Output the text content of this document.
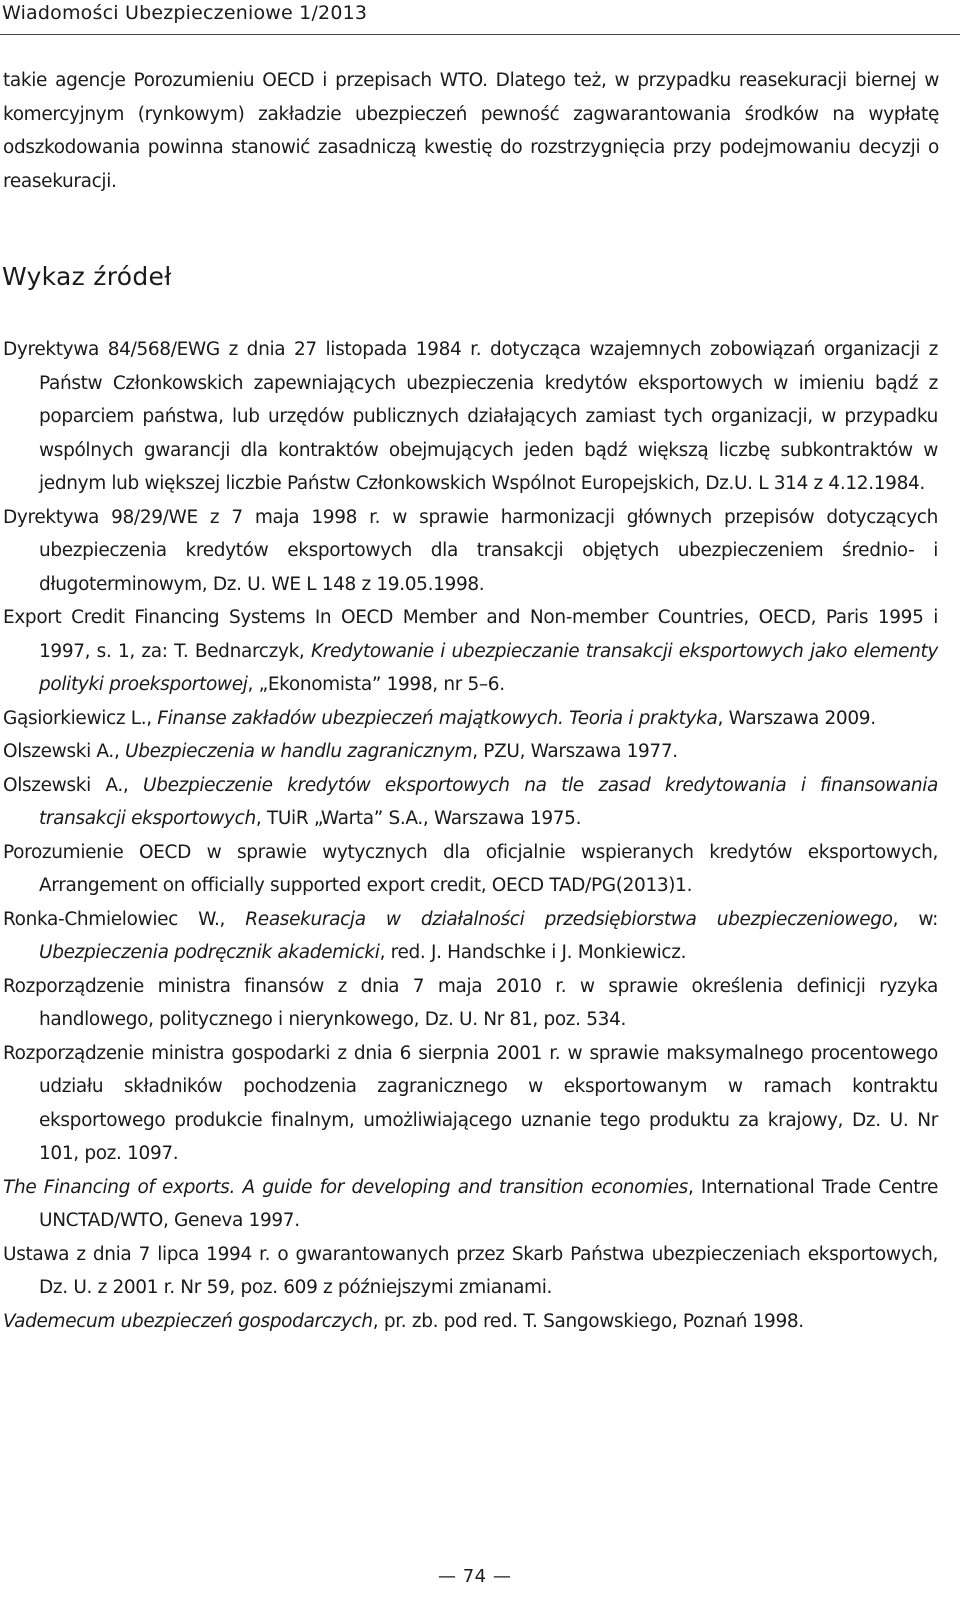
Wiadomości Ubezpieczeniowe 1/2013

takie agencje Porozumieniu OECD i przepisach WTO. Dlatego też, w przypadku reasekuracji biernej w komercyjnym (rynkowym) zakładzie ubezpieczeń pewność zagwarantowania środków na wypłatę odszkodowania powinna stanowić zasadniczą kwestię do rozstrzygnięcia przy podejmowaniu decyzji o reasekuracji.

Wykaz źródeł
Dyrektywa 84/568/EWG z dnia 27 listopada 1984 r. dotycząca wzajemnych zobowiązań organizacji z Państw Członkowskich zapewniających ubezpieczenia kredytów eksportowych w imieniu bądź z poparciem państwa, lub urzędów publicznych działających zamiast tych organizacji, w przypadku wspólnych gwarancji dla kontraktów obejmujących jeden bądź większą liczbę subkontraktów w jednym lub większej liczbie Państw Członkowskich Wspólnot Europejskich, Dz.U. L 314 z 4.12.1984.
Dyrektywa 98/29/WE z 7 maja 1998 r. w sprawie harmonizacji głównych przepisów dotyczących ubezpieczenia kredytów eksportowych dla transakcji objętych ubezpieczeniem średnio- i długoterminowym, Dz. U. WE L 148 z 19.05.1998.
Export Credit Financing Systems In OECD Member and Non-member Countries, OECD, Paris 1995 i 1997, s. 1, za: T. Bednarczyk, Kredytowanie i ubezpieczanie transakcji eksportowych jako elementy polityki proeksportowej, „Ekonomista” 1998, nr 5–6.
Gąsiorkiewicz L., Finanse zakładów ubezpieczeń majątkowych. Teoria i praktyka, Warszawa 2009.
Olszewski A., Ubezpieczenia w handlu zagranicznym, PZU, Warszawa 1977.
Olszewski A., Ubezpieczenie kredytów eksportowych na tle zasad kredytowania i finansowania transakcji eksportowych, TUiR „Warta” S.A., Warszawa 1975.
Porozumienie OECD w sprawie wytycznych dla oficjalnie wspieranych kredytów eksportowych, Arrangement on officially supported export credit, OECD TAD/PG(2013)1.
Ronka-Chmielowiec W., Reasekuracja w działalności przedsiębiorstwa ubezpieczeniowego, w: Ubezpieczenia podręcznik akademicki, red. J. Handschke i J. Monkiewicz.
Rozporządzenie ministra finansów z dnia 7 maja 2010 r. w sprawie określenia definicji ryzyka handlowego, politycznego i nierynkowego, Dz. U. Nr 81, poz. 534.
Rozporządzenie ministra gospodarki z dnia 6 sierpnia 2001 r. w sprawie maksymalnego procentowego udziału składników pochodzenia zagranicznego w eksportowanym w ramach kontraktu eksportowego produkcie finalnym, umożliwiającego uznanie tego produktu za krajowy, Dz. U. Nr 101, poz. 1097.
The Financing of exports. A guide for developing and transition economies, International Trade Centre UNCTAD/WTO, Geneva 1997.
Ustawa z dnia 7 lipca 1994 r. o gwarantowanych przez Skarb Państwa ubezpieczeniach eksportowych, Dz. U. z 2001 r. Nr 59, poz. 609 z późniejszymi zmianami.
Vademecum ubezpieczeń gospodarczych, pr. zb. pod red. T. Sangowskiego, Poznań 1998.
— 74 —
